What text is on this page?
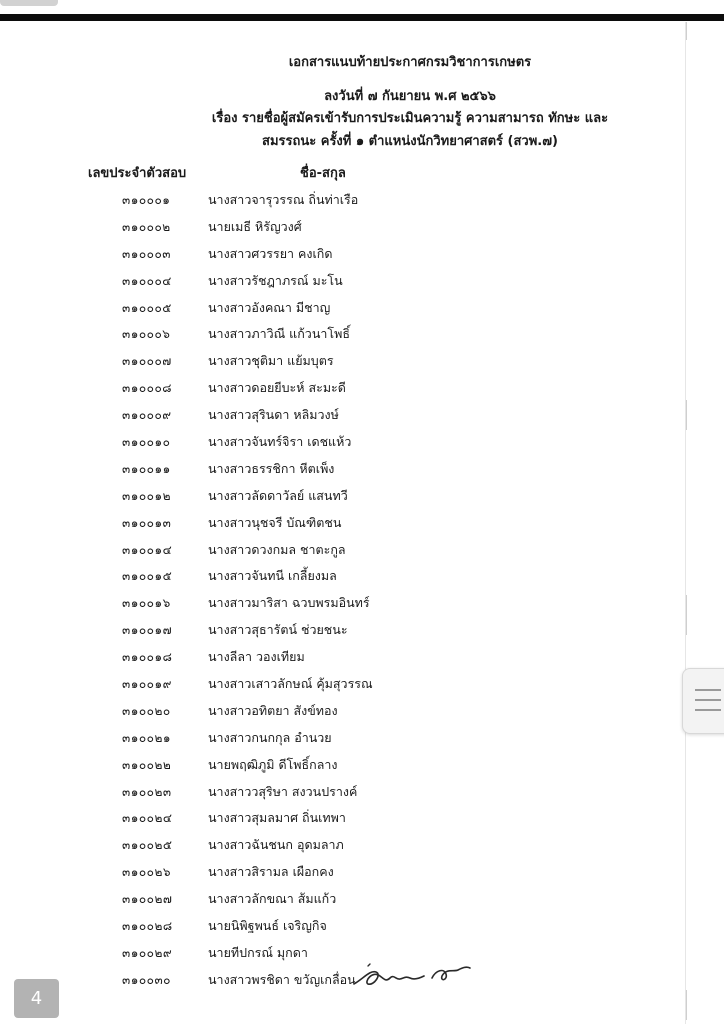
เอกสารแนบท้ายประกาศกรมวิชาการเกษตร
ลงวันที่ ๗ กันยายน พ.ศ ๒๕๖๖
เรื่อง รายชื่อผู้สมัครเข้ารับการประเมินความรู้ ความสามารถ ทักษะ และ
สมรรถนะ ครั้งที่ ๑ ตำแหน่งนักวิทยาศาสตร์ (สวพ.๗)
เลขประจำตัวสอบ	ชื่อ-สกุล
๓๑๐๐๐๑	นางสาวจารุวรรณ ถิ่นท่าเรือ
๓๑๐๐๐๒	นายเมธี หิรัญวงศ์
๓๑๐๐๐๓	นางสาวศวรรยา คงเกิด
๓๑๐๐๐๔	นางสาวรัชฎาภรณ์ มะโน
๓๑๐๐๐๕	นางสาวอังคณา มีชาญ
๓๑๐๐๐๖	นางสาวภาวิณี แก้วนาโพธิ์
๓๑๐๐๐๗	นางสาวชุติมา แย้มบุตร
๓๑๐๐๐๘	นางสาวดอยยีบะห์ สะมะดี
๓๑๐๐๐๙	นางสาวสุรินดา หลิมวงษ์
๓๑๐๐๑๐	นางสาวจันทร์จิรา เดชแห้ว
๓๑๐๐๑๑	นางสาวธรรชิกา หีตเพ็ง
๓๑๐๐๑๒	นางสาวลัดดาวัลย์ แสนทวี
๓๑๐๐๑๓	นางสาวนุชจรี บัณฑิตชน
๓๑๐๐๑๔	นางสาวดวงกมล ชาตะกูล
๓๑๐๐๑๕	นางสาวจันทนี เกลี้ยงมล
๓๑๐๐๑๖	นางสาวมาริสา ฉวบพรมอินทร์
๓๑๐๐๑๗	นางสาวสุธารัตน์ ช่วยชนะ
๓๑๐๐๑๘	นางลีลา วองเทียม
๓๑๐๐๑๙	นางสาวเสาวลักษณ์ คุ้มสุวรรณ
๓๑๐๐๒๐	นางสาวอทิตยา สังข์ทอง
๓๑๐๐๒๑	นางสาวกนกกุล อำนวย
๓๑๐๐๒๒	นายพฤฒิภูมิ ดีโพธิ์กลาง
๓๑๐๐๒๓	นางสาววสุริษา สงวนปรางค์
๓๑๐๐๒๔	นางสาวสุมลมาศ ถิ่นเทพา
๓๑๐๐๒๕	นางสาวฉันชนก อุดมลาภ
๓๑๐๐๒๖	นางสาวสิรามล เผือกคง
๓๑๐๐๒๗	นางสาวลักขณา ส้มแก้ว
๓๑๐๐๒๘	นายนิพิฐพนธ์ เจริญกิจ
๓๑๐๐๒๙	นายทีปกรณ์ มุกดา
๓๑๐๐๓๐	นางสาวพรชิดา ขวัญเกลื่อน
4
